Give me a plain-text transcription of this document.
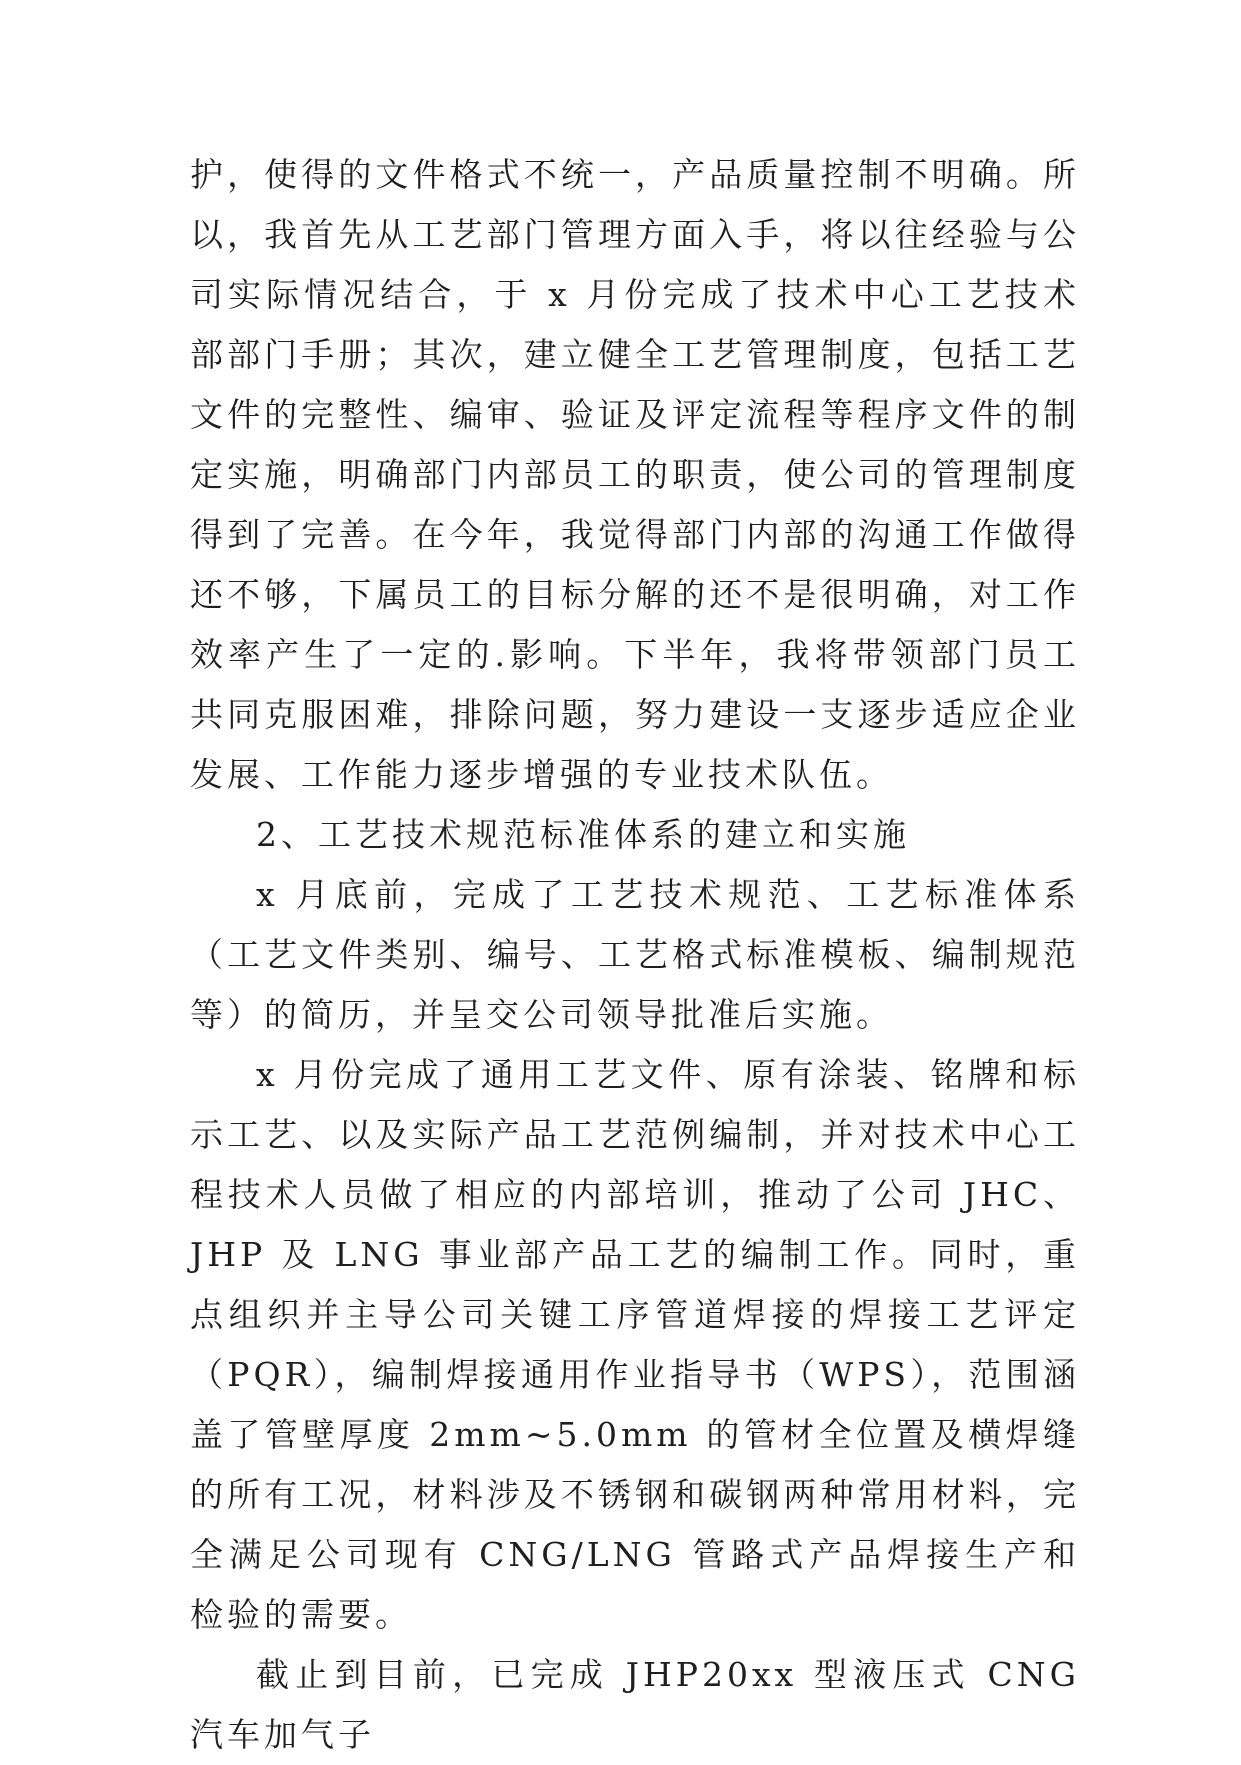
护，使得的文件格式不统一，产品质量控制不明确。所以，我首先从工艺部门管理方面入手，将以往经验与公司实际情况结合，于 x 月份完成了技术中心工艺技术部部门手册；其次，建立健全工艺管理制度，包括工艺文件的完整性、编审、验证及评定流程等程序文件的制定实施，明确部门内部员工的职责，使公司的管理制度得到了完善。在今年，我觉得部门内部的沟通工作做得还不够，下属员工的目标分解的还不是很明确，对工作效率产生了一定的.影响。下半年，我将带领部门员工共同克服困难，排除问题，努力建设一支逐步适应企业发展、工作能力逐步增强的专业技术队伍。

2、工艺技术规范标准体系的建立和实施

x 月底前，完成了工艺技术规范、工艺标准体系（工艺文件类别、编号、工艺格式标准模板、编制规范等）的简历，并呈交公司领导批准后实施。

x 月份完成了通用工艺文件、原有涂装、铭牌和标示工艺、以及实际产品工艺范例编制，并对技术中心工程技术人员做了相应的内部培训，推动了公司 JHC、JHP 及 LNG 事业部产品工艺的编制工作。同时，重点组织并主导公司关键工序管道焊接的焊接工艺评定（PQR），编制焊接通用作业指导书（WPS），范围涵盖了管壁厚度 2mm~5.0mm 的管材全位置及横焊缝的所有工况，材料涉及不锈钢和碳钢两种常用材料，完全满足公司现有 CNG/LNG 管路式产品焊接生产和检验的需要。

截止到目前，已完成 JHP20xx 型液压式 CNG 汽车加气子
